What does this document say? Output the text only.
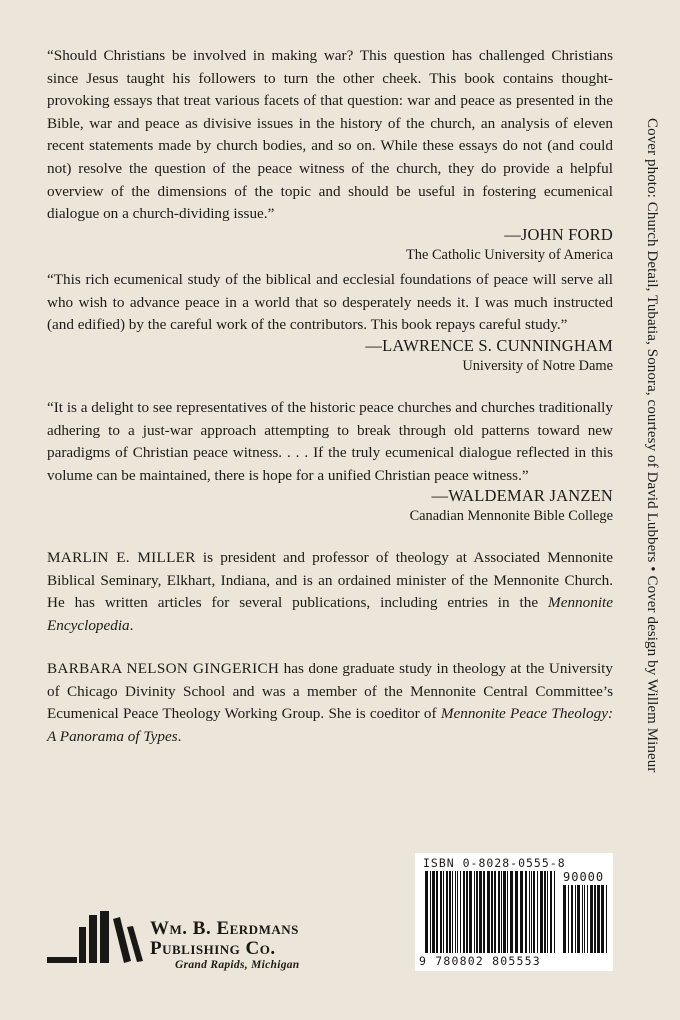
“Should Christians be involved in making war? This question has challenged Christians since Jesus taught his followers to turn the other cheek. This book contains thought-provoking essays that treat various facets of that question: war and peace as presented in the Bible, war and peace as divisive issues in the history of the church, an analysis of eleven recent statements made by church bodies, and so on. While these essays do not (and could not) resolve the question of the peace witness of the church, they do provide a helpful overview of the dimensions of the topic and should be useful in fostering ecumenical dialogue on a church-dividing issue.”

—JOHN FORD
The Catholic University of America

“This rich ecumenical study of the biblical and ecclesial foundations of peace will serve all who wish to advance peace in a world that so desperately needs it. I was much instructed (and edified) by the careful work of the contributors. This book repays careful study.”

—LAWRENCE S. CUNNINGHAM
University of Notre Dame

“It is a delight to see representatives of the historic peace churches and churches traditionally adhering to a just-war approach attempting to break through old patterns toward new paradigms of Christian peace witness. . . . If the truly ecumenical dialogue reflected in this volume can be maintained, there is hope for a unified Christian peace witness.”

—WALDEMAR JANZEN
Canadian Mennonite Bible College
MARLIN E. MILLER is president and professor of theology at Associated Mennonite Biblical Seminary, Elkhart, Indiana, and is an ordained minister of the Mennonite Church. He has written articles for several publications, including entries in the Mennonite Encyclopedia.
BARBARA NELSON GINGERICH has done graduate study in theology at the University of Chicago Divinity School and was a member of the Mennonite Central Committee’s Ecumenical Peace Theology Working Group. She is coeditor of Mennonite Peace Theology: A Panorama of Types.	Cover photo: Church Detail, Tubatia, Sonora, courtesy of David Lubbers • Cover design by Willem Mineur
Wm. B. Eerdmans
Publishing Co.
Grand Rapids, Michigan
ISBN 0-8028-0555-8
90000
9 780802 805553
